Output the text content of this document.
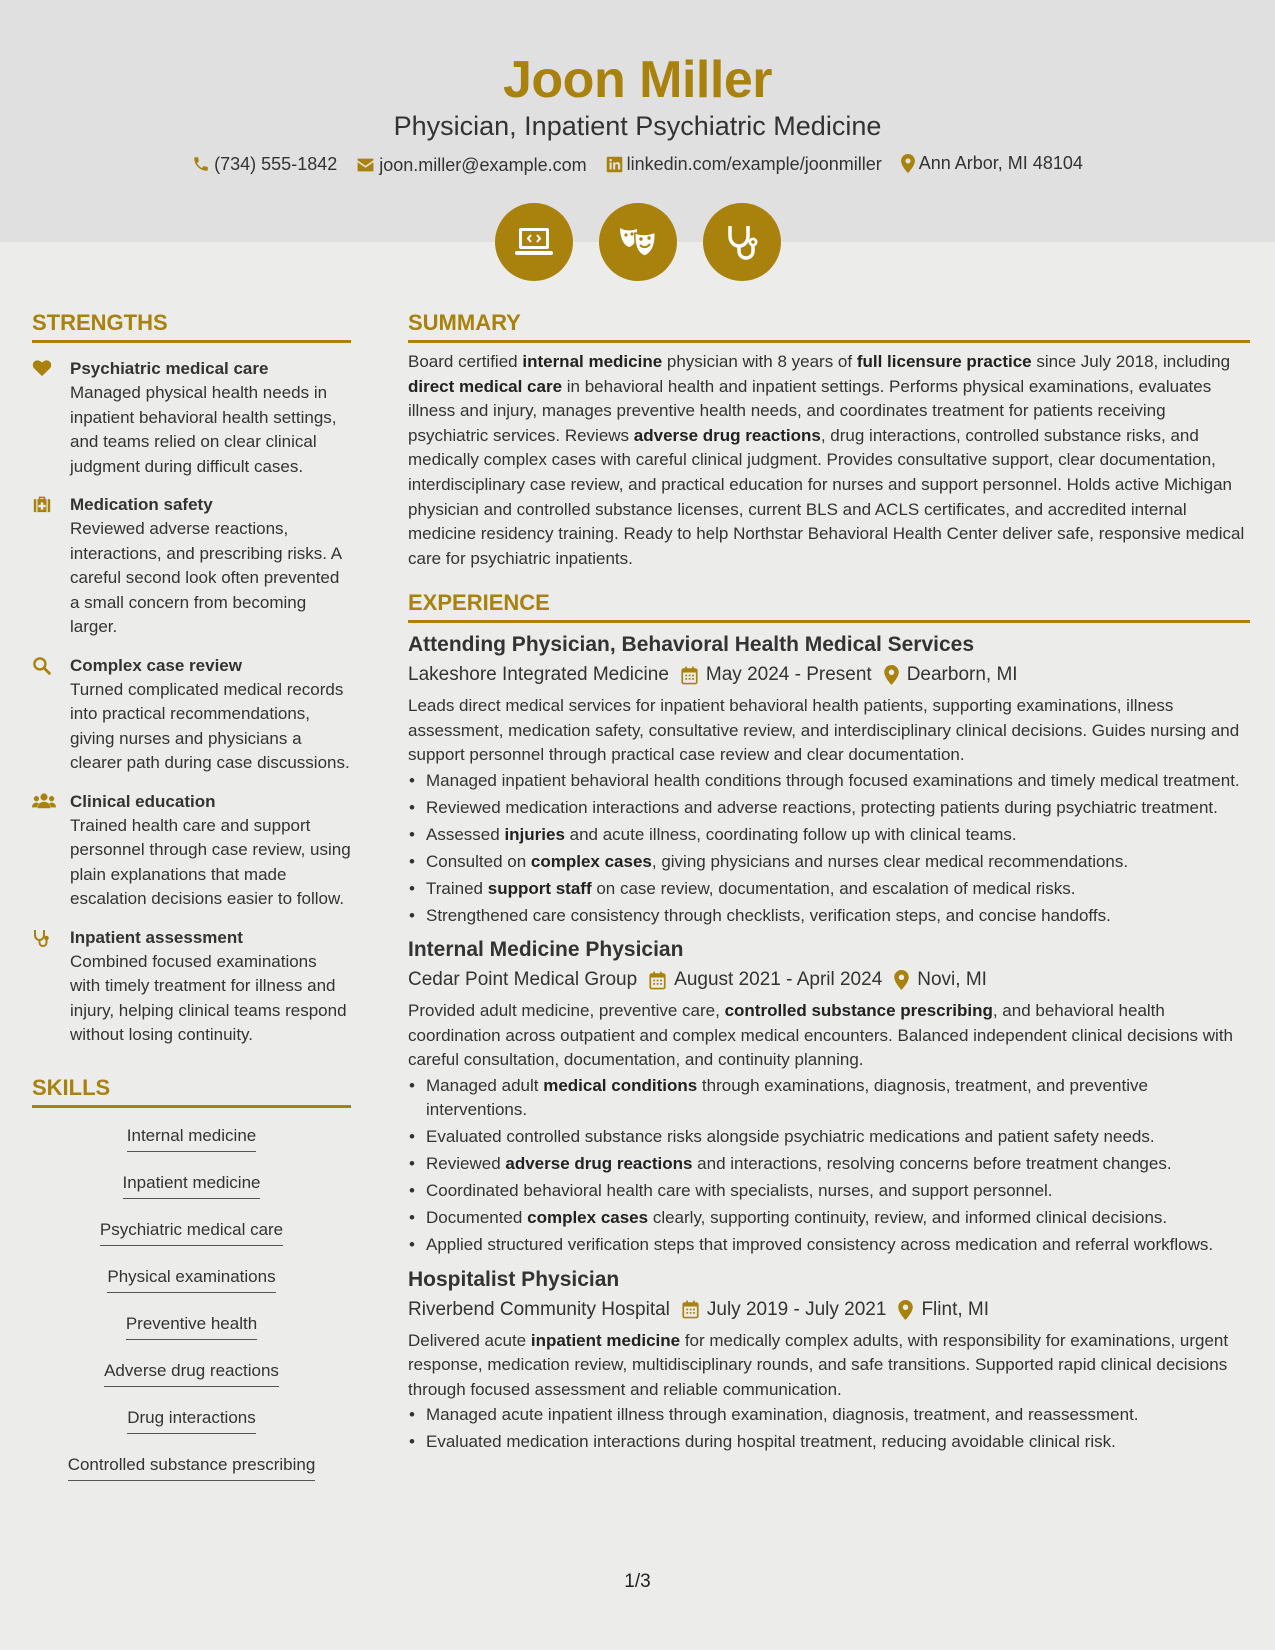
Joon Miller
Physician, Inpatient Psychiatric Medicine
(734) 555-1842
joon.miller@example.com
linkedin.com/example/joonmiller
Ann Arbor, MI 48104
STRENGTHS
Psychiatric medical care
Managed physical health needs in inpatient behavioral health settings, and teams relied on clear clinical judgment during difficult cases.
Medication safety
Reviewed adverse reactions, interactions, and prescribing risks. A careful second look often prevented a small concern from becoming larger.
Complex case review
Turned complicated medical records into practical recommendations, giving nurses and physicians a clearer path during case discussions.
Clinical education
Trained health care and support personnel through case review, using plain explanations that made escalation decisions easier to follow.
Inpatient assessment
Combined focused examinations with timely treatment for illness and injury, helping clinical teams respond without losing continuity.
SKILLS
Internal medicine
Inpatient medicine
Psychiatric medical care
Physical examinations
Preventive health
Adverse drug reactions
Drug interactions
Controlled substance prescribing
SUMMARY
Board certified internal medicine physician with 8 years of full licensure practice since July 2018, including direct medical care in behavioral health and inpatient settings. Performs physical examinations, evaluates illness and injury, manages preventive health needs, and coordinates treatment for patients receiving psychiatric services. Reviews adverse drug reactions, drug interactions, controlled substance risks, and medically complex cases with careful clinical judgment. Provides consultative support, clear documentation, interdisciplinary case review, and practical education for nurses and support personnel. Holds active Michigan physician and controlled substance licenses, current BLS and ACLS certificates, and accredited internal medicine residency training. Ready to help Northstar Behavioral Health Center deliver safe, responsive medical care for psychiatric inpatients.
EXPERIENCE
Attending Physician, Behavioral Health Medical Services
Lakeshore Integrated Medicine May 2024 - Present Dearborn, MI
Leads direct medical services for inpatient behavioral health patients, supporting examinations, illness assessment, medication safety, consultative review, and interdisciplinary clinical decisions. Guides nursing and support personnel through practical case review and clear documentation.
• Managed inpatient behavioral health conditions through focused examinations and timely medical treatment.
• Reviewed medication interactions and adverse reactions, protecting patients during psychiatric treatment.
• Assessed injuries and acute illness, coordinating follow up with clinical teams.
• Consulted on complex cases, giving physicians and nurses clear medical recommendations.
• Trained support staff on case review, documentation, and escalation of medical risks.
• Strengthened care consistency through checklists, verification steps, and concise handoffs.
Internal Medicine Physician
Cedar Point Medical Group August 2021 - April 2024 Novi, MI
Provided adult medicine, preventive care, controlled substance prescribing, and behavioral health coordination across outpatient and complex medical encounters. Balanced independent clinical decisions with careful consultation, documentation, and continuity planning.
• Managed adult medical conditions through examinations, diagnosis, treatment, and preventive interventions.
• Evaluated controlled substance risks alongside psychiatric medications and patient safety needs.
• Reviewed adverse drug reactions and interactions, resolving concerns before treatment changes.
• Coordinated behavioral health care with specialists, nurses, and support personnel.
• Documented complex cases clearly, supporting continuity, review, and informed clinical decisions.
• Applied structured verification steps that improved consistency across medication and referral workflows.
Hospitalist Physician
Riverbend Community Hospital July 2019 - July 2021 Flint, MI
Delivered acute inpatient medicine for medically complex adults, with responsibility for examinations, urgent response, medication review, multidisciplinary rounds, and safe transitions. Supported rapid clinical decisions through focused assessment and reliable communication.
• Managed acute inpatient illness through examination, diagnosis, treatment, and reassessment.
• Evaluated medication interactions during hospital treatment, reducing avoidable clinical risk.
1/3
